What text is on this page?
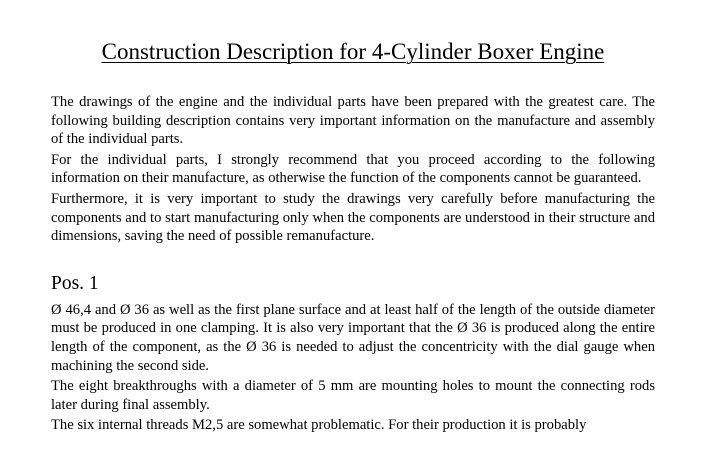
Construction Description for 4-Cylinder Boxer Engine

The drawings of the engine and the individual parts have been prepared with the greatest care. The following building description contains very important information on the manufacture and assembly of the individual parts.

For the individual parts, I strongly recommend that you proceed according to the following information on their manufacture, as otherwise the function of the components cannot be guaranteed.

Furthermore, it is very important to study the drawings very carefully before manufacturing the components and to start manufacturing only when the components are understood in their structure and dimensions, saving the need of possible remanufacture.

Pos. 1

Ø 46,4 and Ø 36 as well as the first plane surface and at least half of the length of the outside diameter must be produced in one clamping. It is also very important that the Ø 36 is produced along the entire length of the component, as the Ø 36 is needed to adjust the concentricity with the dial gauge when machining the second side.

The eight breakthroughs with a diameter of 5 mm are mounting holes to mount the connecting rods later during final assembly.

The six internal threads M2,5 are somewhat problematic. For their production it is probably
